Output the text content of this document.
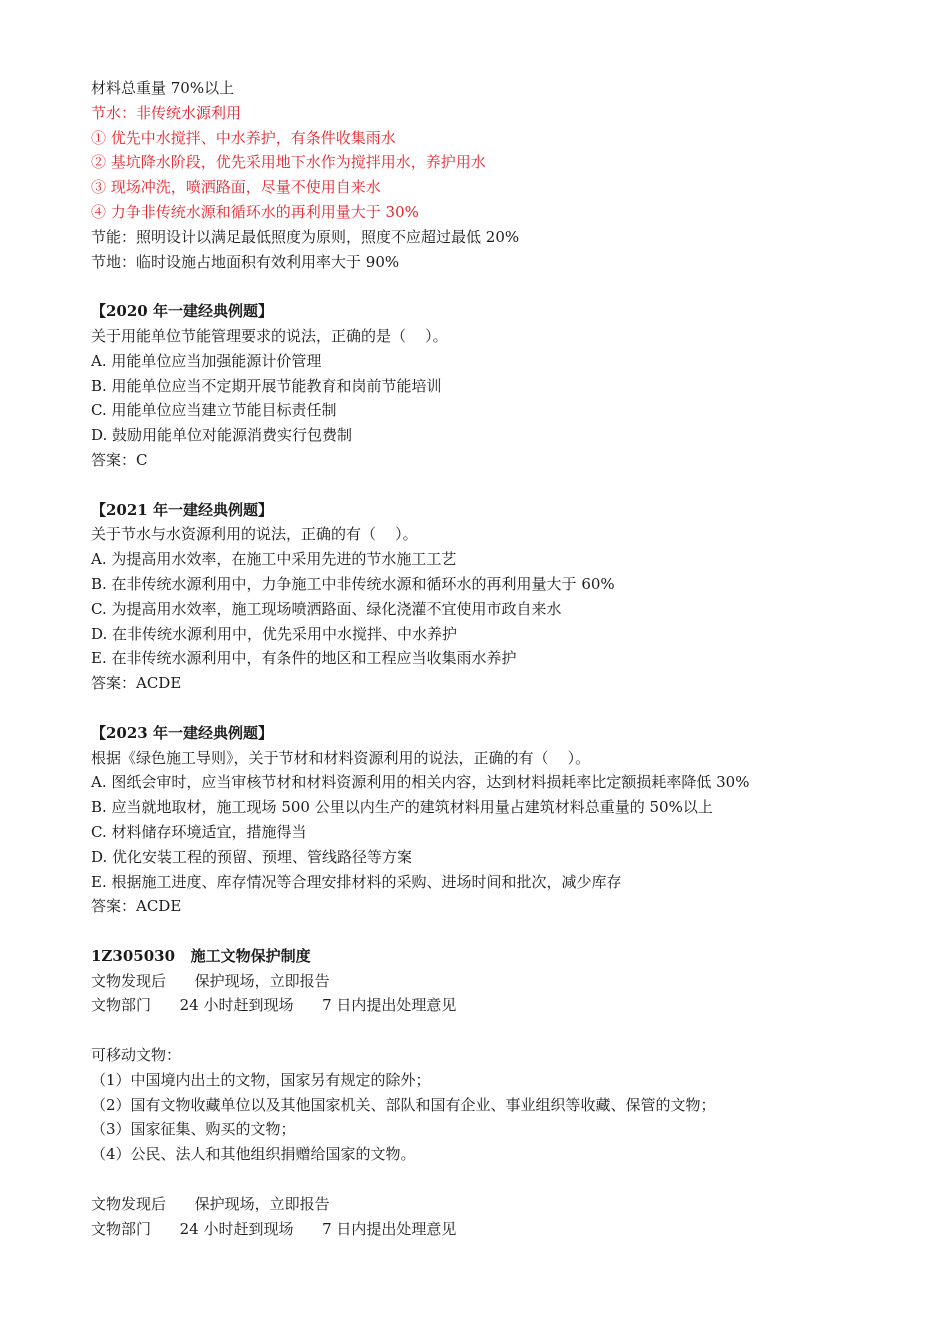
材料总重量 70%以上
节水：非传统水源利用
① 优先中水搅拌、中水养护，有条件收集雨水
② 基坑降水阶段，优先采用地下水作为搅拌用水，养护用水
③ 现场冲洗，喷洒路面，尽量不使用自来水
④ 力争非传统水源和循环水的再利用量大于 30%
节能：照明设计以满足最低照度为原则，照度不应超过最低 20%
节地：临时设施占地面积有效利用率大于 90%
【2020 年一建经典例题】
关于用能单位节能管理要求的说法，正确的是（    ）。
A. 用能单位应当加强能源计价管理
B. 用能单位应当不定期开展节能教育和岗前节能培训
C. 用能单位应当建立节能目标责任制
D. 鼓励用能单位对能源消费实行包费制
答案：C
【2021 年一建经典例题】
关于节水与水资源利用的说法，正确的有（    ）。
A. 为提高用水效率，在施工中采用先进的节水施工工艺
B. 在非传统水源利用中，力争施工中非传统水源和循环水的再利用量大于 60%
C. 为提高用水效率，施工现场喷洒路面、绿化浇灌不宜使用市政自来水
D. 在非传统水源利用中，优先采用中水搅拌、中水养护
E. 在非传统水源利用中，有条件的地区和工程应当收集雨水养护
答案：ACDE
【2023 年一建经典例题】
根据《绿色施工导则》，关于节材和材料资源利用的说法，正确的有（    ）。
A. 图纸会审时，应当审核节材和材料资源利用的相关内容，达到材料损耗率比定额损耗率降低 30%
B. 应当就地取材，施工现场 500 公里以内生产的建筑材料用量占建筑材料总重量的 50%以上
C. 材料储存环境适宜，措施得当
D. 优化安装工程的预留、预埋、管线路径等方案
E. 根据施工进度、库存情况等合理安排材料的采购、进场时间和批次，减少库存
答案：ACDE
1Z305030   施工文物保护制度
文物发现后      保护现场，立即报告
文物部门      24 小时赶到现场      7 日内提出处理意见
可移动文物：
（1）中国境内出土的文物，国家另有规定的除外；
（2）国有文物收藏单位以及其他国家机关、部队和国有企业、事业组织等收藏、保管的文物；
（3）国家征集、购买的文物；
（4）公民、法人和其他组织捐赠给国家的文物。
文物发现后      保护现场，立即报告
文物部门      24 小时赶到现场      7 日内提出处理意见
